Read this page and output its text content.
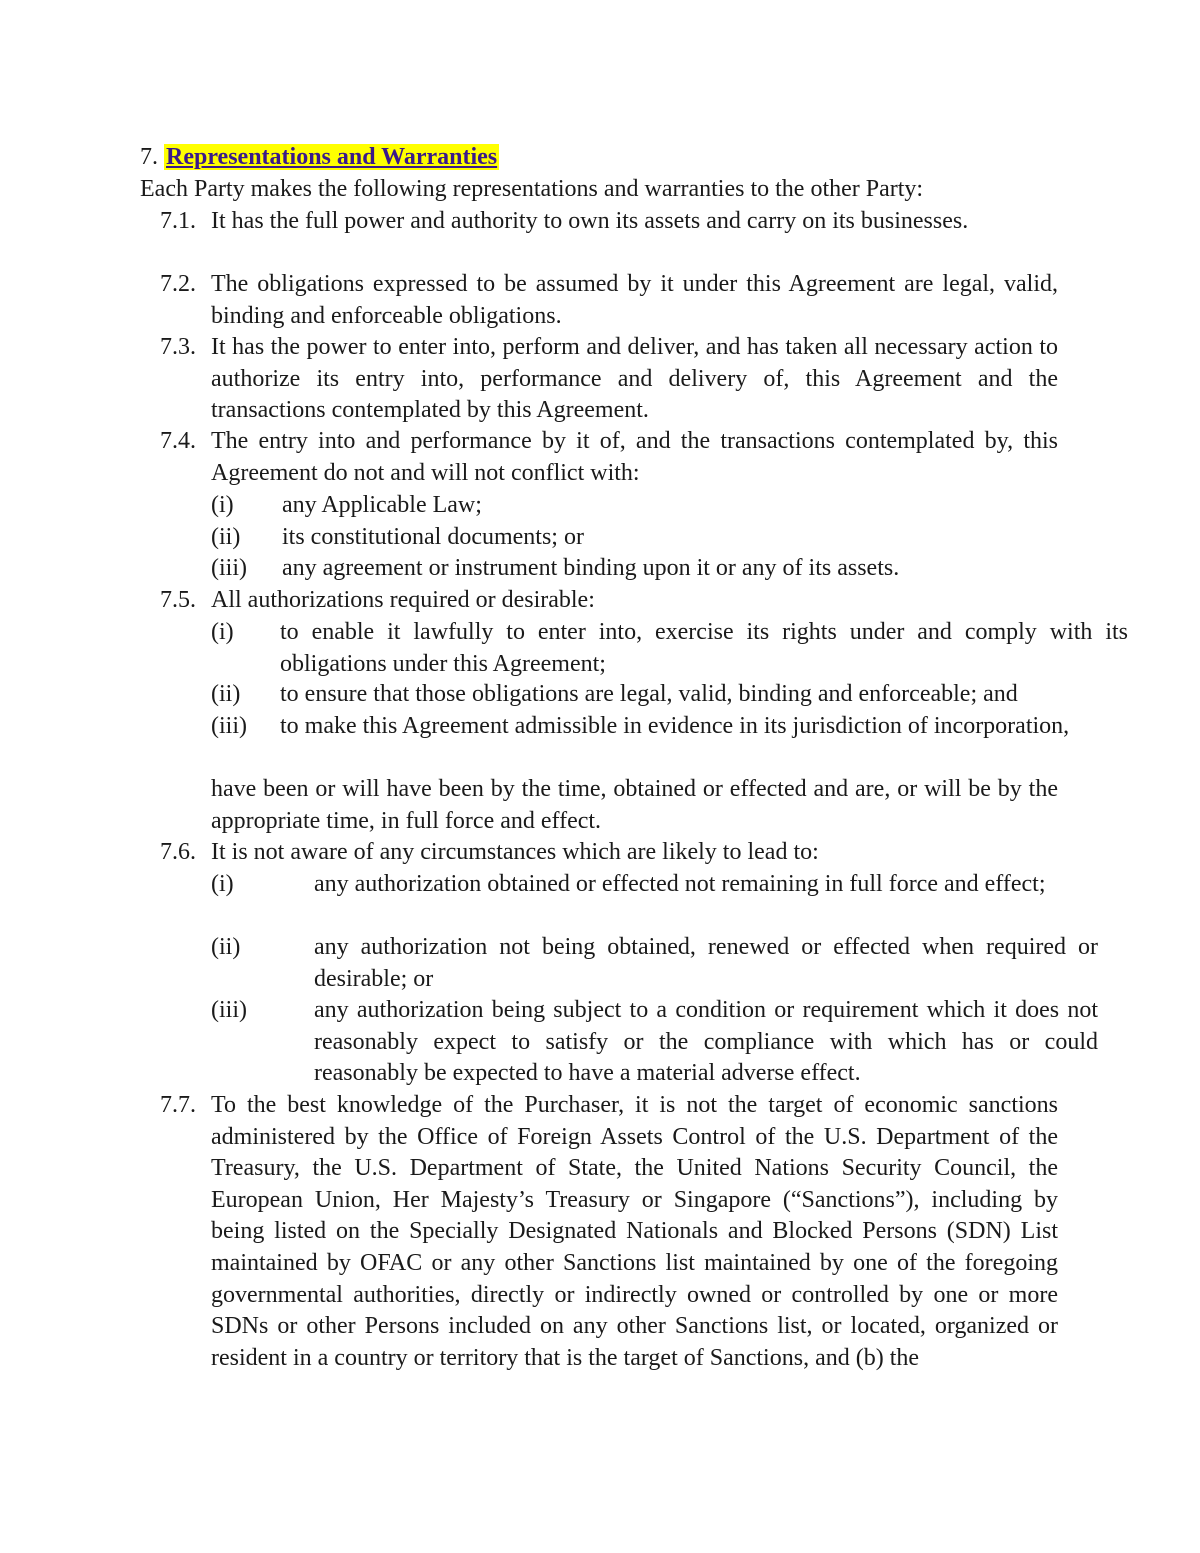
7. Representations and Warranties
Each Party makes the following representations and warranties to the other Party:
7.1. It has the full power and authority to own its assets and carry on its businesses.
7.2. The obligations expressed to be assumed by it under this Agreement are legal, valid, binding and enforceable obligations.
7.3. It has the power to enter into, perform and deliver, and has taken all necessary action to authorize its entry into, performance and delivery of, this Agreement and the transactions contemplated by this Agreement.
7.4. The entry into and performance by it of, and the transactions contemplated by, this Agreement do not and will not conflict with:
(i) any Applicable Law;
(ii) its constitutional documents; or
(iii) any agreement or instrument binding upon it or any of its assets.
7.5. All authorizations required or desirable:
(i) to enable it lawfully to enter into, exercise its rights under and comply with its obligations under this Agreement;
(ii) to ensure that those obligations are legal, valid, binding and enforceable; and
(iii) to make this Agreement admissible in evidence in its jurisdiction of incorporation,
have been or will have been by the time, obtained or effected and are, or will be by the appropriate time, in full force and effect.
7.6. It is not aware of any circumstances which are likely to lead to:
(i)	any authorization obtained or effected not remaining in full force and effect;
(ii)	any authorization not being obtained, renewed or effected when required or desirable; or
(iii)	any authorization being subject to a condition or requirement which it does not reasonably expect to satisfy or the compliance with which has or could reasonably be expected to have a material adverse effect.
7.7. To the best knowledge of the Purchaser, it is not the target of economic sanctions administered by the Office of Foreign Assets Control of the U.S. Department of the Treasury, the U.S. Department of State, the United Nations Security Council, the European Union, Her Majesty’s Treasury or Singapore (“Sanctions”), including by being listed on the Specially Designated Nationals and Blocked Persons (SDN) List maintained by OFAC or any other Sanctions list maintained by one of the foregoing governmental authorities, directly or indirectly owned or controlled by one or more SDNs or other Persons included on any other Sanctions list, or located, organized or resident in a country or territory that is the target of Sanctions, and (b) the
